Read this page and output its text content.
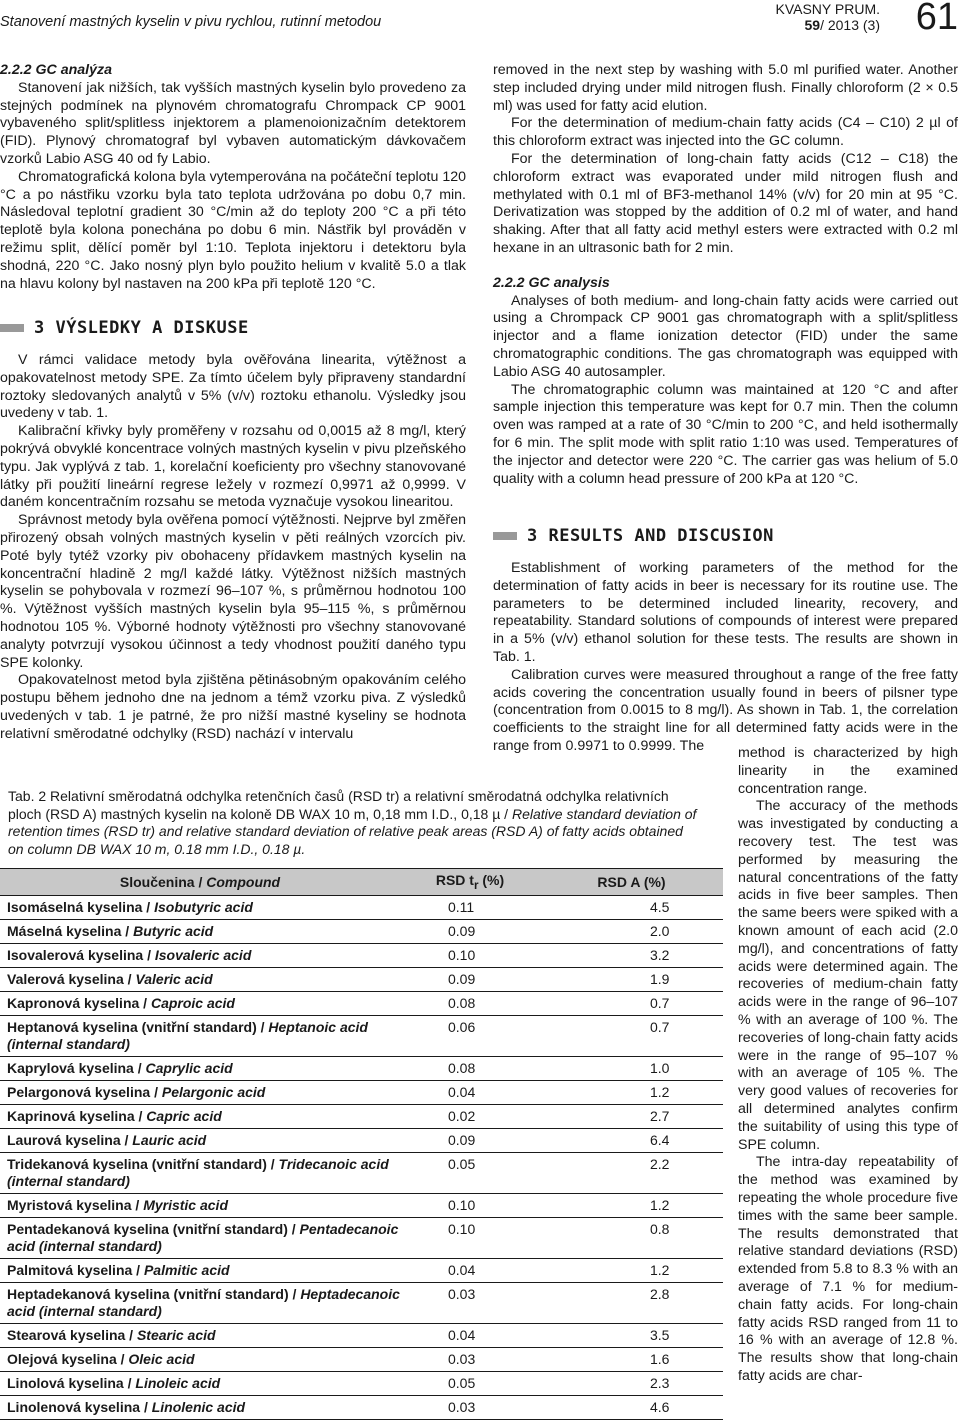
Stanovení mastných kyselin v pivu rychlou, rutinní metodou
KVASNY PRUM.
59/ 2013 (3) 61

2.2.2 GC analýza

Stanovení jak nižších, tak vyšších mastných kyselin bylo provedeno za stejných podmínek na plynovém chromatografu Chrompack CP 9001 vybaveného split/splitless injektorem a plamenoionizačním detektorem (FID). Plynový chromatograf byl vybaven automatickým dávkovačem vzorků Labio ASG 40 od fy Labio.

Chromatografická kolona byla vytemperována na počáteční teplotu 120 °C a po nástřiku vzorku byla tato teplota udržována po dobu 0,7 min. Následoval teplotní gradient 30 °C/min až do teploty 200 °C a při této teplotě byla kolona ponechána po dobu 6 min. Nástřik byl prováděn v režimu split, dělící poměr byl 1:10. Teplota injektoru i detektoru byla shodná, 220 °C. Jako nosný plyn bylo použito helium v kvalitě 5.0 a tlak na hlavu kolony byl nastaven na 200 kPa při teplotě 120 °C.

3 VÝSLEDKY A DISKUSE

V rámci validace metody byla ověřována linearita, výtěžnost a opakovatelnost metody SPE. Za tímto účelem byly připraveny standardní roztoky sledovaných analytů v 5% (v/v) roztoku ethanolu. Výsledky jsou uvedeny v tab. 1.

Kalibrační křivky byly proměřeny v rozsahu od 0,0015 až 8 mg/l, který pokrývá obvyklé koncentrace volných mastných kyselin v pivu plzeňského typu. Jak vyplývá z tab. 1, korelační koeficienty pro všechny stanovované látky při použití lineární regrese ležely v rozmezí 0,9971 až 0,9999. V daném koncentračním rozsahu se metoda vyznačuje vysokou linearitou.

Správnost metody byla ověřena pomocí výtěžnosti. Nejprve byl změřen přirozený obsah volných mastných kyselin v pěti reálných vzorcích piv. Poté byly tytéž vzorky piv obohaceny přídavkem mastných kyselin na koncentrační hladině 2 mg/l každé látky. Výtěžnost nižších mastných kyselin se pohybovala v rozmezí 96–107 %, s průměrnou hodnotou 100 %. Výtěžnost vyšších mastných kyselin byla 95–115 %, s průměrnou hodnotou 105 %. Výborné hodnoty výtěžnosti pro všechny stanovované analyty potvrzují vysokou účinnost a tedy vhodnost použití daného typu SPE kolonky.

Opakovatelnost metod byla zjištěna pětinásobným opakováním celého postupu během jednoho dne na jednom a témž vzorku piva. Z výsledků uvedených v tab. 1 je patrné, že pro nižší mastné kyseliny se hodnota relativní směrodatné odchylky (RSD) nachází v intervalu

removed in the next step by washing with 5.0 ml purified water. Another step included drying under mild nitrogen flush. Finally chloroform (2 × 0.5 ml) was used for fatty acid elution.

For the determination of medium-chain fatty acids (C4 – C10) 2 µl of this chloroform extract was injected into the GC column.

For the determination of long-chain fatty acids (C12 – C18) the chloroform extract was evaporated under mild nitrogen flush and methylated with 0.1 ml of BF3-methanol 14% (v/v) for 20 min at 95 °C. Derivatization was stopped by the addition of 0.2 ml of water, and hand shaking. After that all fatty acid methyl esters were extracted with 0.2 ml hexane in an ultrasonic bath for 2 min.

2.2.2 GC analysis

Analyses of both medium- and long-chain fatty acids were carried out using a Chrompack CP 9001 gas chromatograph with a split/splitless injector and a flame ionization detector (FID) under the same chromatographic conditions. The gas chromatograph was equipped with Labio ASG 40 autosampler.

The chromatographic column was maintained at 120 °C and after sample injection this temperature was kept for 0.7 min. Then the column oven was ramped at a rate of 30 °C/min to 200 °C, and held isothermally for 6 min. The split mode with split ratio 1:10 was used. Temperatures of the injector and detector were 220 °C. The carrier gas was helium of 5.0 quality with a column head pressure of 200 kPa at 120 °C.

3 RESULTS AND DISCUSION

Establishment of working parameters of the method for the determination of fatty acids in beer is necessary for its routine use. The parameters to be determined included linearity, recovery, and repeatability. Standard solutions of compounds of interest were prepared in a 5% (v/v) ethanol solution for these tests. The results are shown in Tab. 1.

Calibration curves were measured throughout a range of the free fatty acids covering the concentration usually found in beers of pilsner type (concentration from 0.0015 to 8 mg/l). As shown in Tab. 1, the correlation coefficients to the straight line for all determined fatty acids were in the range from 0.9971 to 0.9999. The	method is characterized by high linearity in the examined concentration range.

The accuracy of the methods was investigated by conducting a recovery test. The test was performed by measuring the natural concentrations of the fatty acids in five beer samples. Then the same beers were spiked with a known amount of each acid (2.0 mg/l), and concentrations of fatty acids were determined again. The recoveries of medium-chain fatty acids were in the range of 96–107 % with an average of 100 %. The recoveries of long-chain fatty acids were in the range of 95–107 % with an average of 105 %. The very good values of recoveries for all determined analytes confirm the suitability of using this type of SPE column.

The intra-day repeatability of the method was examined by repeating the whole procedure five times with the same beer sample. The results demonstrated that relative standard deviations (RSD) extended from 5.8 to 8.3 % with an average of 7.1 % for medium-chain fatty acids. For long-chain fatty acids RSD ranged from 11 to 16 % with an average of 12.8 %. The results show that long-chain fatty acids are char-

Tab. 2 Relativní směrodatná odchylka retenčních časů (RSD tr) a relativní směrodatná odchylka relativních ploch (RSD A) mastných kyselin na koloně DB WAX 10 m, 0,18 mm I.D., 0,18 µ / Relative standard deviation of retention times (RSD tr) and relative standard deviation of relative peak areas (RSD A) of fatty acids obtained on column DB WAX 10 m, 0.18 mm I.D., 0.18 µ.
Sloučenina / Compound	RSD $t_r$ (%)	RSD A (%)
Isomáselná kyselina / Isobutyric acid	0.11	4.5
Máselná kyselina / Butyric acid	0.09	2.0
Isovalerová kyselina / Isovaleric acid	0.10	3.2
Valerová kyselina / Valeric acid	0.09	1.9
Kapronová kyselina / Caproic acid	0.08	0.7
Heptanová kyselina (vnitřní standard) / Heptanoic acid (internal standard)	0.06	0.7
Kaprylová kyselina / Caprylic acid	0.08	1.0
Pelargonová kyselina / Pelargonic acid	0.04	1.2
Kaprinová kyselina / Capric acid	0.02	2.7
Laurová kyselina / Lauric acid	0.09	6.4
Tridekanová kyselina (vnitřní standard) / Tridecanoic acid (internal standard)	0.05	2.2
Myristová kyselina / Myristic acid	0.10	1.2
Pentadekanová kyselina (vnitřní standard) / Pentadecanoic acid (internal standard)	0.10	0.8
Palmitová kyselina / Palmitic acid	0.04	1.2
Heptadekanová kyselina (vnitřní standard) / Heptadecanoic acid (internal standard)	0.03	2.8
Stearová kyselina / Stearic acid	0.04	3.5
Olejová kyselina / Oleic acid	0.03	1.6
Linolová kyselina / Linoleic acid	0.05	2.3
Linolenová kyselina / Linolenic acid	0.03	4.6
